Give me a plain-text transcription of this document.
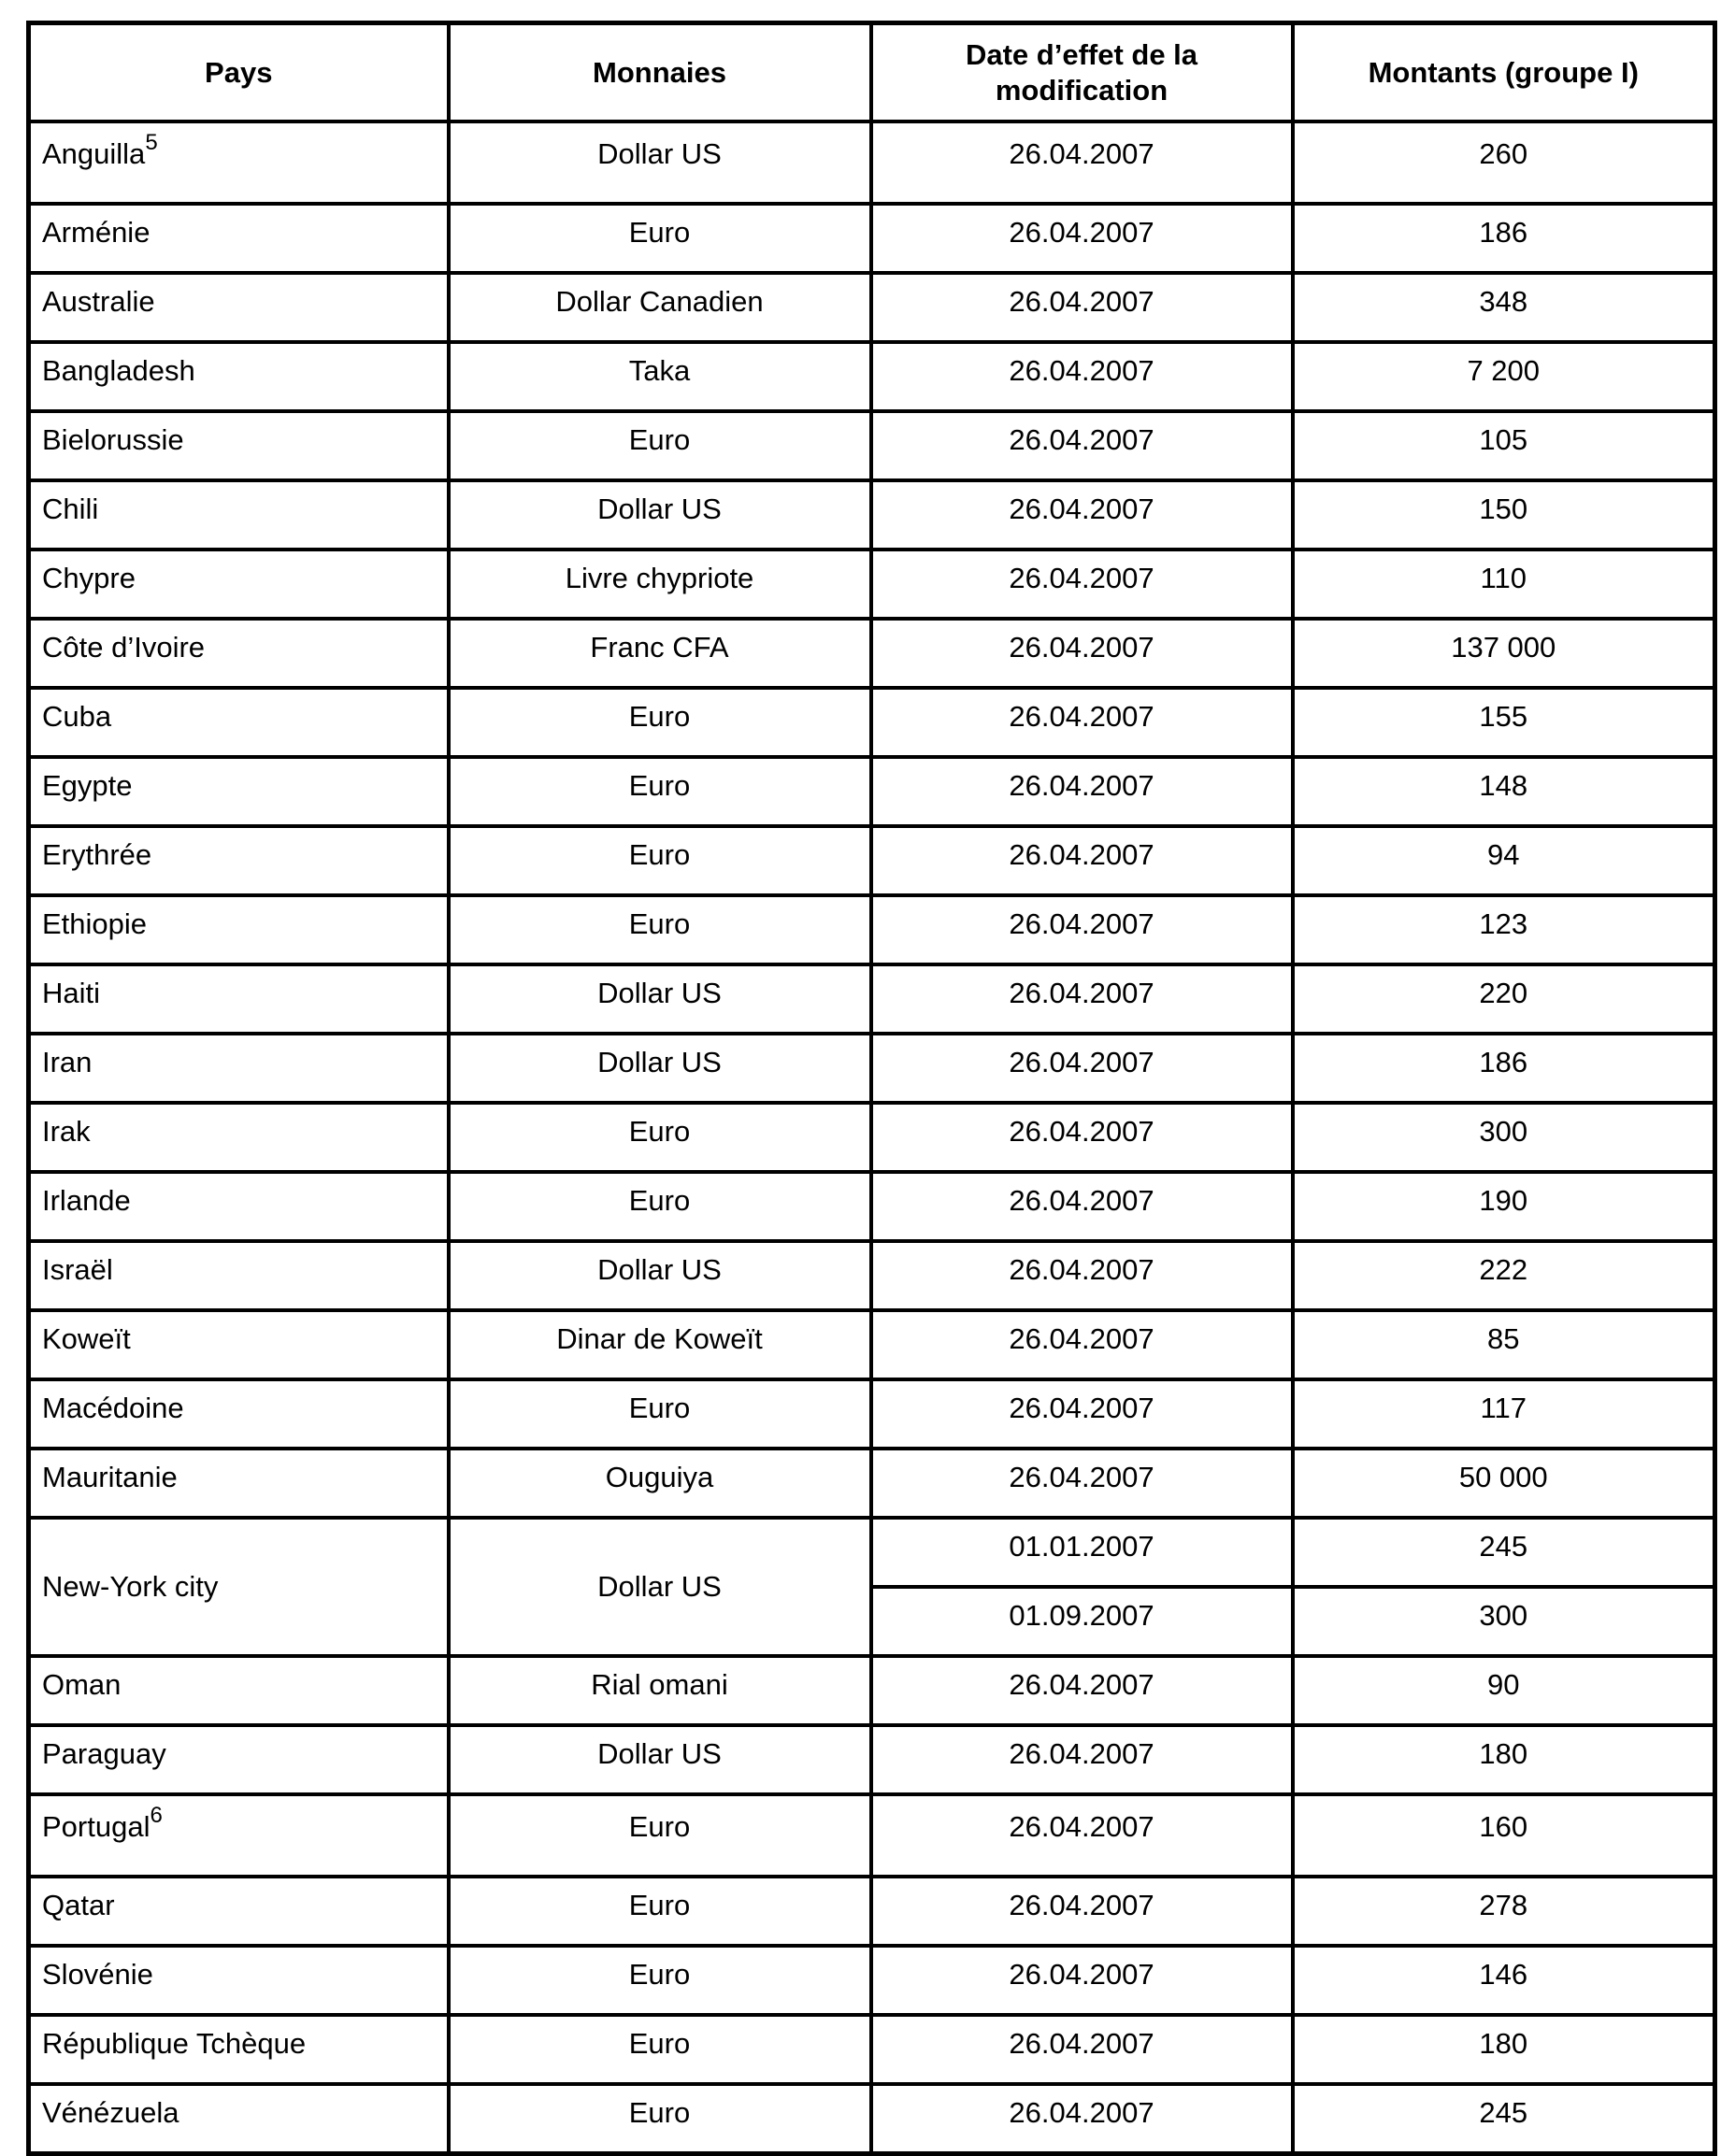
Pays	Monnaies	Date d’effet de la modification	Montants (groupe I)
Anguilla$^5$	Dollar US	26.04.2007	260
Arménie	Euro	26.04.2007	186
Australie	Dollar Canadien	26.04.2007	348
Bangladesh	Taka	26.04.2007	7 200
Bielorussie	Euro	26.04.2007	105
Chili	Dollar US	26.04.2007	150
Chypre	Livre chypriote	26.04.2007	110
Côte d’Ivoire	Franc CFA	26.04.2007	137 000
Cuba	Euro	26.04.2007	155
Egypte	Euro	26.04.2007	148
Erythrée	Euro	26.04.2007	94
Ethiopie	Euro	26.04.2007	123
Haiti	Dollar US	26.04.2007	220
Iran	Dollar US	26.04.2007	186
Irak	Euro	26.04.2007	300
Irlande	Euro	26.04.2007	190
Israël	Dollar US	26.04.2007	222
Koweït	Dinar de Koweït	26.04.2007	85
Macédoine	Euro	26.04.2007	117
Mauritanie	Ouguiya	26.04.2007	50 000
New-York city	Dollar US	01.01.2007	245
		01.09.2007	300
Oman	Rial omani	26.04.2007	90
Paraguay	Dollar US	26.04.2007	180
Portugal$^6$	Euro	26.04.2007	160
Qatar	Euro	26.04.2007	278
Slovénie	Euro	26.04.2007	146
République Tchèque	Euro	26.04.2007	180
Vénézuela	Euro	26.04.2007	245
